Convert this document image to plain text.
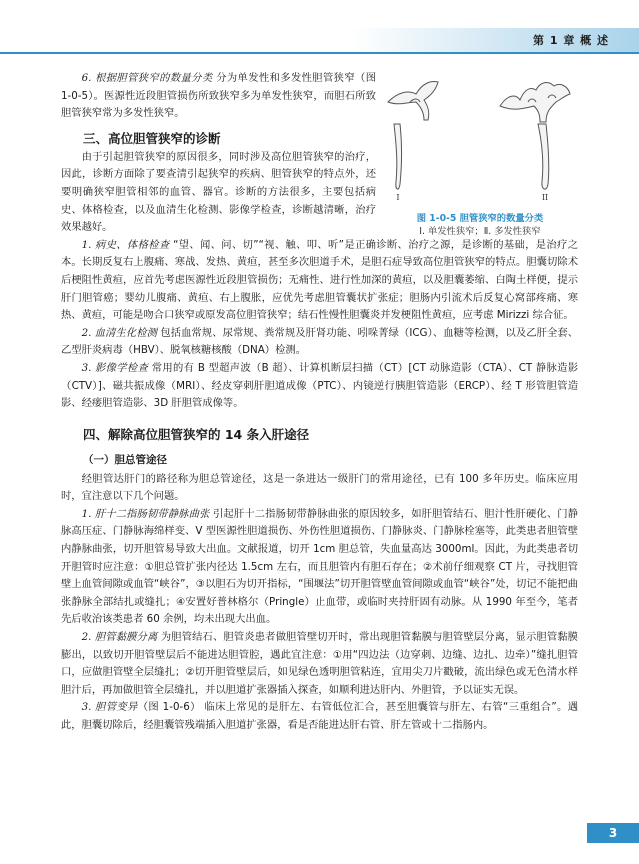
第 1 章 概 述
I	II
图 1-0-5 胆管狭窄的数量分类
Ⅰ. 单发性狭窄；Ⅱ. 多发性狭窄

6. 根据胆管狭窄的数量分类 分为单发性和多发性胆管狭窄（图 1-0-5）。医源性近段胆管损伤所致狭窄多为单发性狭窄，而胆石所致胆管狭窄常为多发性狭窄。

三、高位胆管狭窄的诊断

由于引起胆管狭窄的原因很多，同时涉及高位胆管狭窄的治疗，因此，诊断方面除了要查清引起狭窄的疾病、胆管狭窄的特点外，还要明确狭窄胆管相邻的血管、器官。诊断的方法很多，主要包括病史、体格检查，以及血清生化检测、影像学检查，诊断越清晰，治疗效果越好。

1. 病史、体格检查 “望、闻、问、切”“视、触、叩、听”是正确诊断、治疗之源，是诊断的基础，是治疗之本。长期反复右上腹痛、寒战、发热、黄疸，甚至多次胆道手术，是胆石症导致高位胆管狭窄的特点。胆囊切除术后梗阻性黄疸，应首先考虑医源性近段胆管损伤；无痛性、进行性加深的黄疸，以及胆囊萎缩、白陶土样便，提示肝门胆管癌；婴幼儿腹痛、黄疸、右上腹胀，应优先考虑胆管囊状扩张症；胆肠内引流术后反复心窝部疼痛、寒热、黄疸，可能是吻合口狭窄或原发高位胆管狭窄；结石性慢性胆囊炎并发梗阻性黄疸，应考虑 Mirizzi 综合征。

2. 血清生化检测 包括血常规、尿常规、粪常规及肝肾功能、吲哚菁绿（ICG）、血糖等检测，以及乙肝全套、乙型肝炎病毒（HBV）、脱氧核糖核酸（DNA）检测。

3. 影像学检查 常用的有 B 型超声波（B 超）、计算机断层扫描（CT）[CT 动脉造影（CTA）、CT 静脉造影（CTV）]、磁共振成像（MRI）、经皮穿刺肝胆道成像（PTC）、内镜逆行胰胆管造影（ERCP）、经 T 形管胆管造影、经瘘胆管造影、3D 肝胆管成像等。

四、解除高位胆管狭窄的 14 条入肝途径
（一）胆总管途径

经胆管达肝门的路径称为胆总管途径，这是一条进达一级肝门的常用途径，已有 100 多年历史。临床应用时，宜注意以下几个问题。

1. 肝十二指肠韧带静脉曲张 引起肝十二指肠韧带静脉曲张的原因较多，如肝胆管结石、胆汁性肝硬化、门静脉高压症、门静脉海绵样变、V 型医源性胆道损伤、外伤性胆道损伤、门静脉炎、门静脉栓塞等，此类患者胆管壁内静脉曲张，切开胆管易导致大出血。文献报道，切开 1cm 胆总管，失血量高达 3000ml。因此，为此类患者切开胆管时应注意：①胆总管扩张内径达 1.5cm 左右，而且胆管内有胆石存在；②术前仔细观察 CT 片，寻找胆管壁上血管间隙或血管“峡谷”，③以胆石为切开指标，“围堰法”切开胆管壁血管间隙或血管“峡谷”处，切记不能把曲张静脉全部结扎或缝扎；④安置好普林格尔（Pringle）止血带，或临时夹持肝固有动脉。从 1990 年至今，笔者先后收治该类患者 60 余例，均未出现大出血。

2. 胆管黏膜分离 为胆管结石、胆管炎患者做胆管壁切开时，常出现胆管黏膜与胆管壁层分离，显示胆管黏膜膨出，以致切开胆管壁层后不能进达胆管腔，遇此宜注意：①用“四边法（边穿刺、边缝、边扎、边牵）”缝扎胆管口，应做胆管壁全层缝扎；②切开胆管壁层后，如见绿色透明胆管粘连，宜用尖刀片戳破，流出绿色或无色清水样胆汁后，再加做胆管全层缝扎，并以胆道扩张器插入探查，如顺利进达肝内、外胆管，予以证实无误。

3. 胆管变异（图 1-0-6） 临床上常见的是肝左、右管低位汇合，甚至胆囊管与肝左、右管“三重组合”。遇此，胆囊切除后，经胆囊管残端插入胆道扩张器，看是否能进达肝右管、肝左管或十二指肠内。

3
